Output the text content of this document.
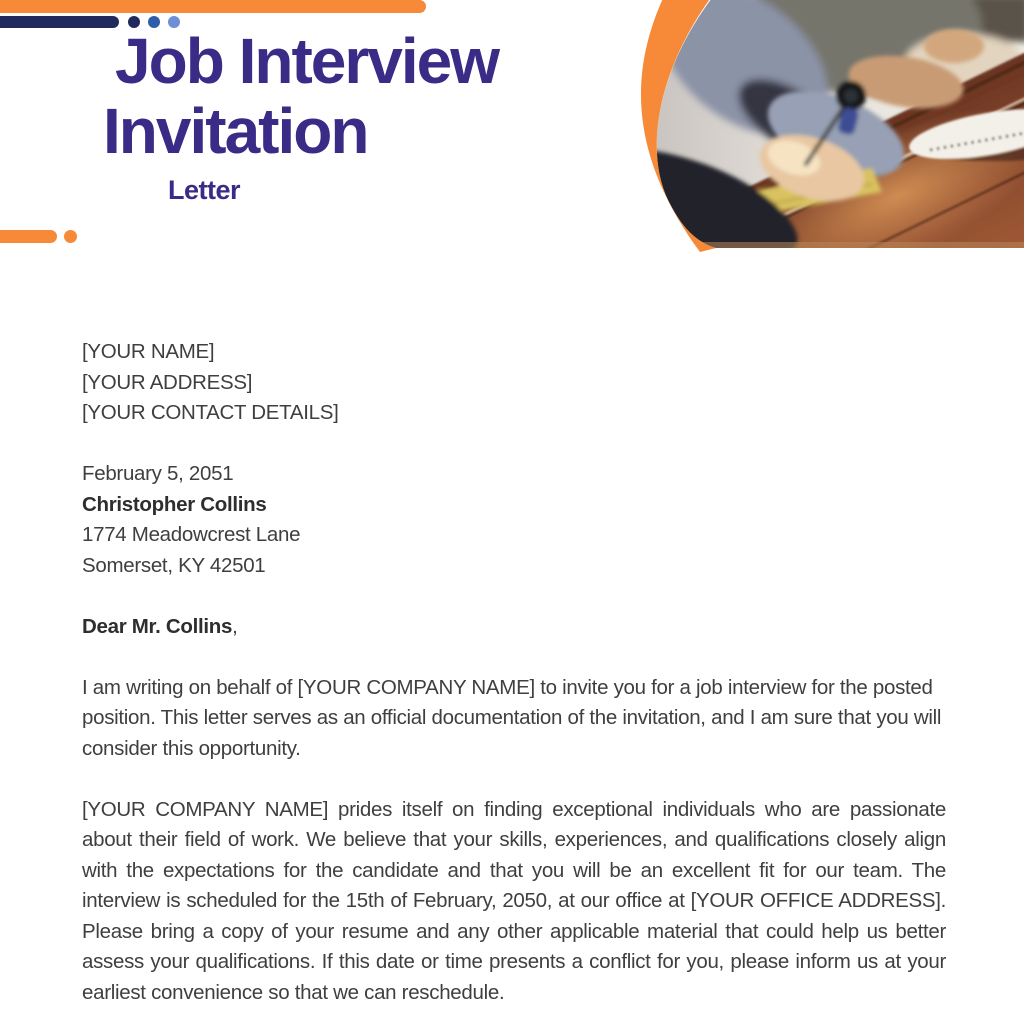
Job Interview
Invitation
Letter
[YOUR NAME]
[YOUR ADDRESS]
[YOUR CONTACT DETAILS]
February 5, 2051
Christopher Collins
1774 Meadowcrest Lane
Somerset, KY 42501
Dear Mr. Collins,

I am writing on behalf of [YOUR COMPANY NAME] to invite you for a job interview for the posted position. This letter serves as an official documentation of the invitation, and I am sure that you will consider this opportunity.

[YOUR COMPANY NAME] prides itself on finding exceptional individuals who are passionate about their field of work. We believe that your skills, experiences, and qualifications closely align with the expectations for the candidate and that you will be an excellent fit for our team. The interview is scheduled for the 15th of February, 2050, at our office at [YOUR OFFICE ADDRESS]. Please bring a copy of your resume and any other applicable material that could help us better assess your qualifications. If this date or time presents a conflict for you, please inform us at your earliest convenience so that we can reschedule.
